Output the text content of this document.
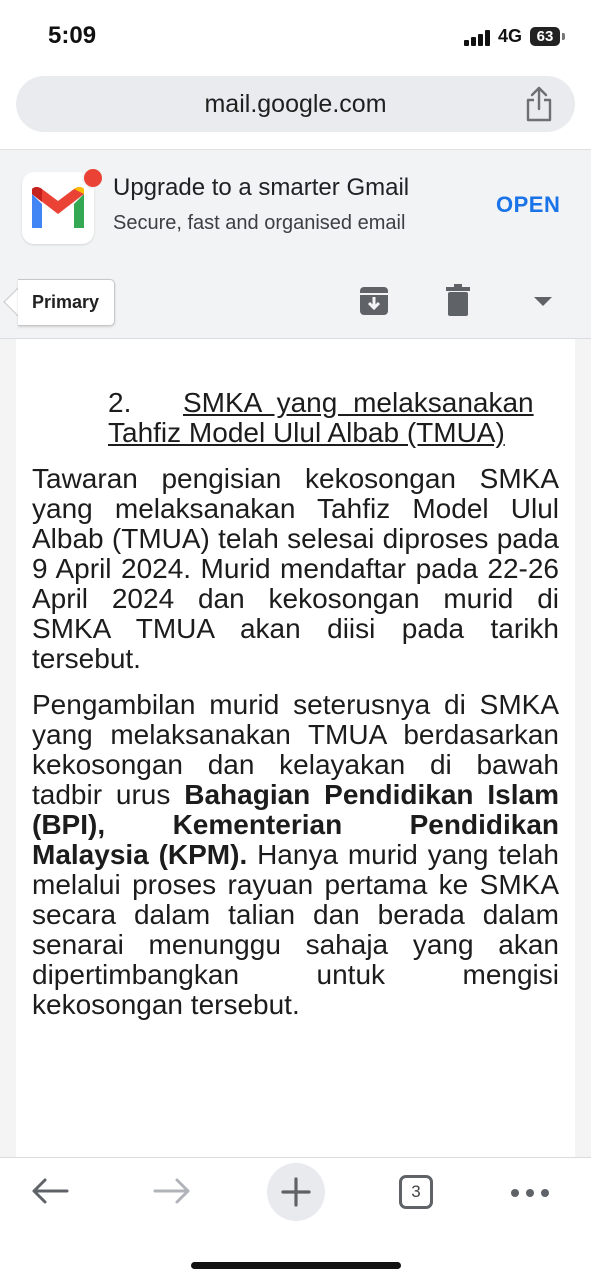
5:09	4G 63
mail.google.com
Upgrade to a smarter Gmail
Secure, fast and organised email
OPEN
Primary
2. SMKA yang melaksanakan
Tahfiz Model Ulul Albab (TMUA)
Tawaran pengisian kekosongan SMKA yang melaksanakan Tahfiz Model Ulul Albab (TMUA) telah selesai diproses pada 9 April 2024. Murid mendaftar pada 22-26 April 2024 dan kekosongan murid di SMKA TMUA akan diisi pada tarikh tersebut.
Pengambilan murid seterusnya di SMKA yang melaksanakan TMUA berdasarkan kekosongan dan kelayakan di bawah tadbir urus Bahagian Pendidikan Islam (BPI), Kementerian Pendidikan Malaysia (KPM). Hanya murid yang telah melalui proses rayuan pertama ke SMKA secara dalam talian dan berada dalam senarai menunggu sahaja yang akan dipertimbangkan untuk mengisi kekosongan tersebut.
3
